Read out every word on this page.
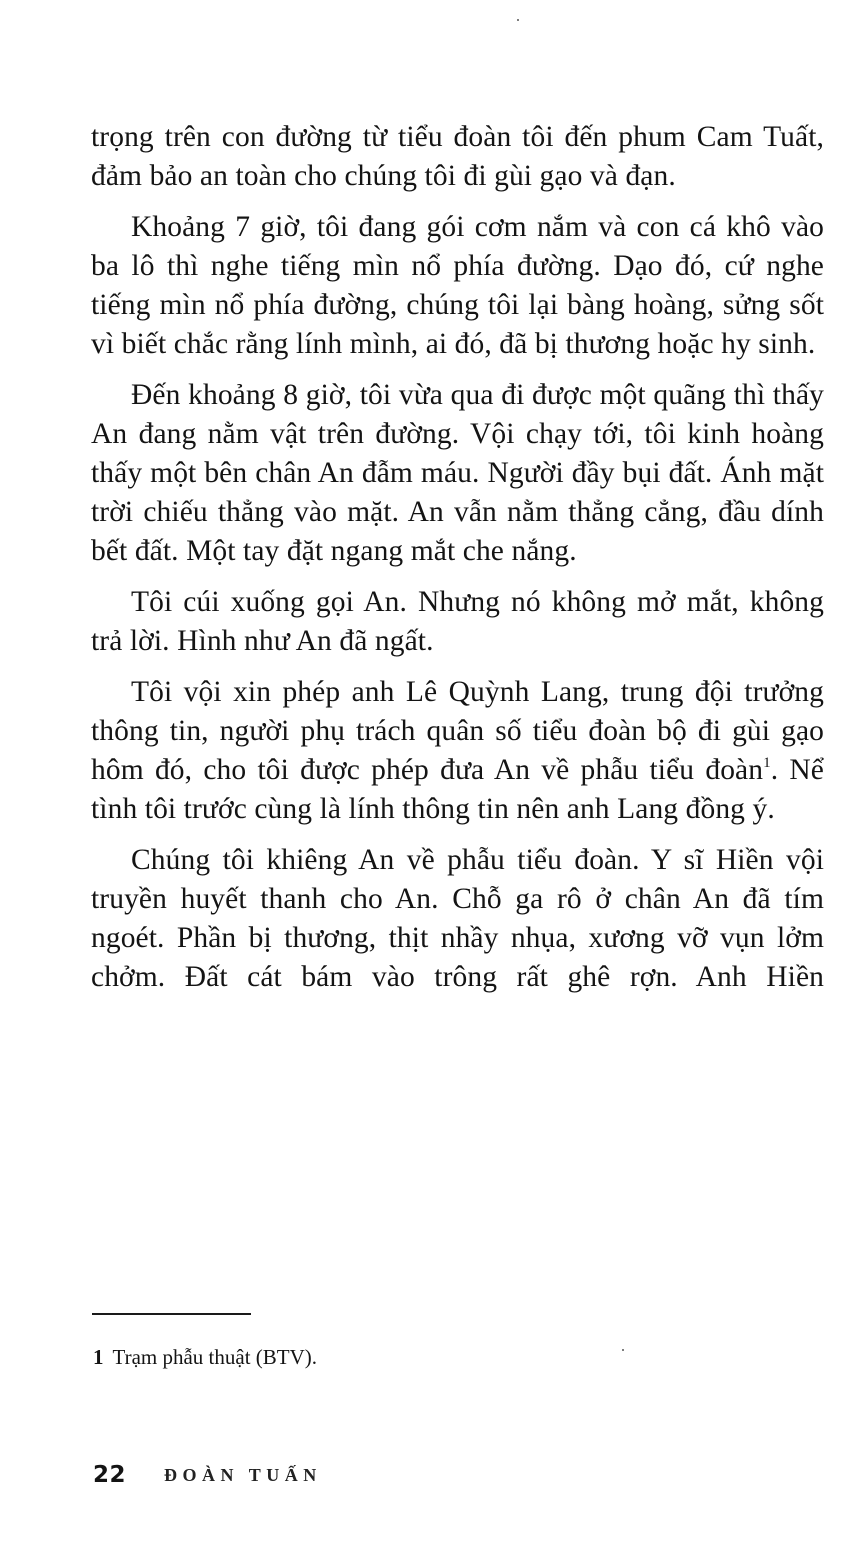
trọng trên con đường từ tiểu đoàn tôi đến phum Cam Tuất, đảm bảo an toàn cho chúng tôi đi gùi gạo và đạn.

Khoảng 7 giờ, tôi đang gói cơm nắm và con cá khô vào ba lô thì nghe tiếng mìn nổ phía đường. Dạo đó, cứ nghe tiếng mìn nổ phía đường, chúng tôi lại bàng hoàng, sửng sốt vì biết chắc rằng lính mình, ai đó, đã bị thương hoặc hy sinh.

Đến khoảng 8 giờ, tôi vừa qua đi được một quãng thì thấy An đang nằm vật trên đường. Vội chạy tới, tôi kinh hoàng thấy một bên chân An đẫm máu. Người đầy bụi đất. Ánh mặt trời chiếu thẳng vào mặt. An vẫn nằm thẳng cẳng, đầu dính bết đất. Một tay đặt ngang mắt che nắng.

Tôi cúi xuống gọi An. Nhưng nó không mở mắt, không trả lời. Hình như An đã ngất.

Tôi vội xin phép anh Lê Quỳnh Lang, trung đội trưởng thông tin, người phụ trách quân số tiểu đoàn bộ đi gùi gạo hôm đó, cho tôi được phép đưa An về phẫu tiểu đoàn$^1$. Nể tình tôi trước cùng là lính thông tin nên anh Lang đồng ý.

Chúng tôi khiêng An về phẫu tiểu đoàn. Y sĩ Hiền vội truyền huyết thanh cho An. Chỗ ga rô ở chân An đã tím ngoét. Phần bị thương, thịt nhầy nhụa, xương vỡ vụn lởm chởm. Đất cát bám vào trông rất ghê rợn. Anh Hiền

1 Trạm phẫu thuật (BTV).
22 ĐOÀN TUẤN
